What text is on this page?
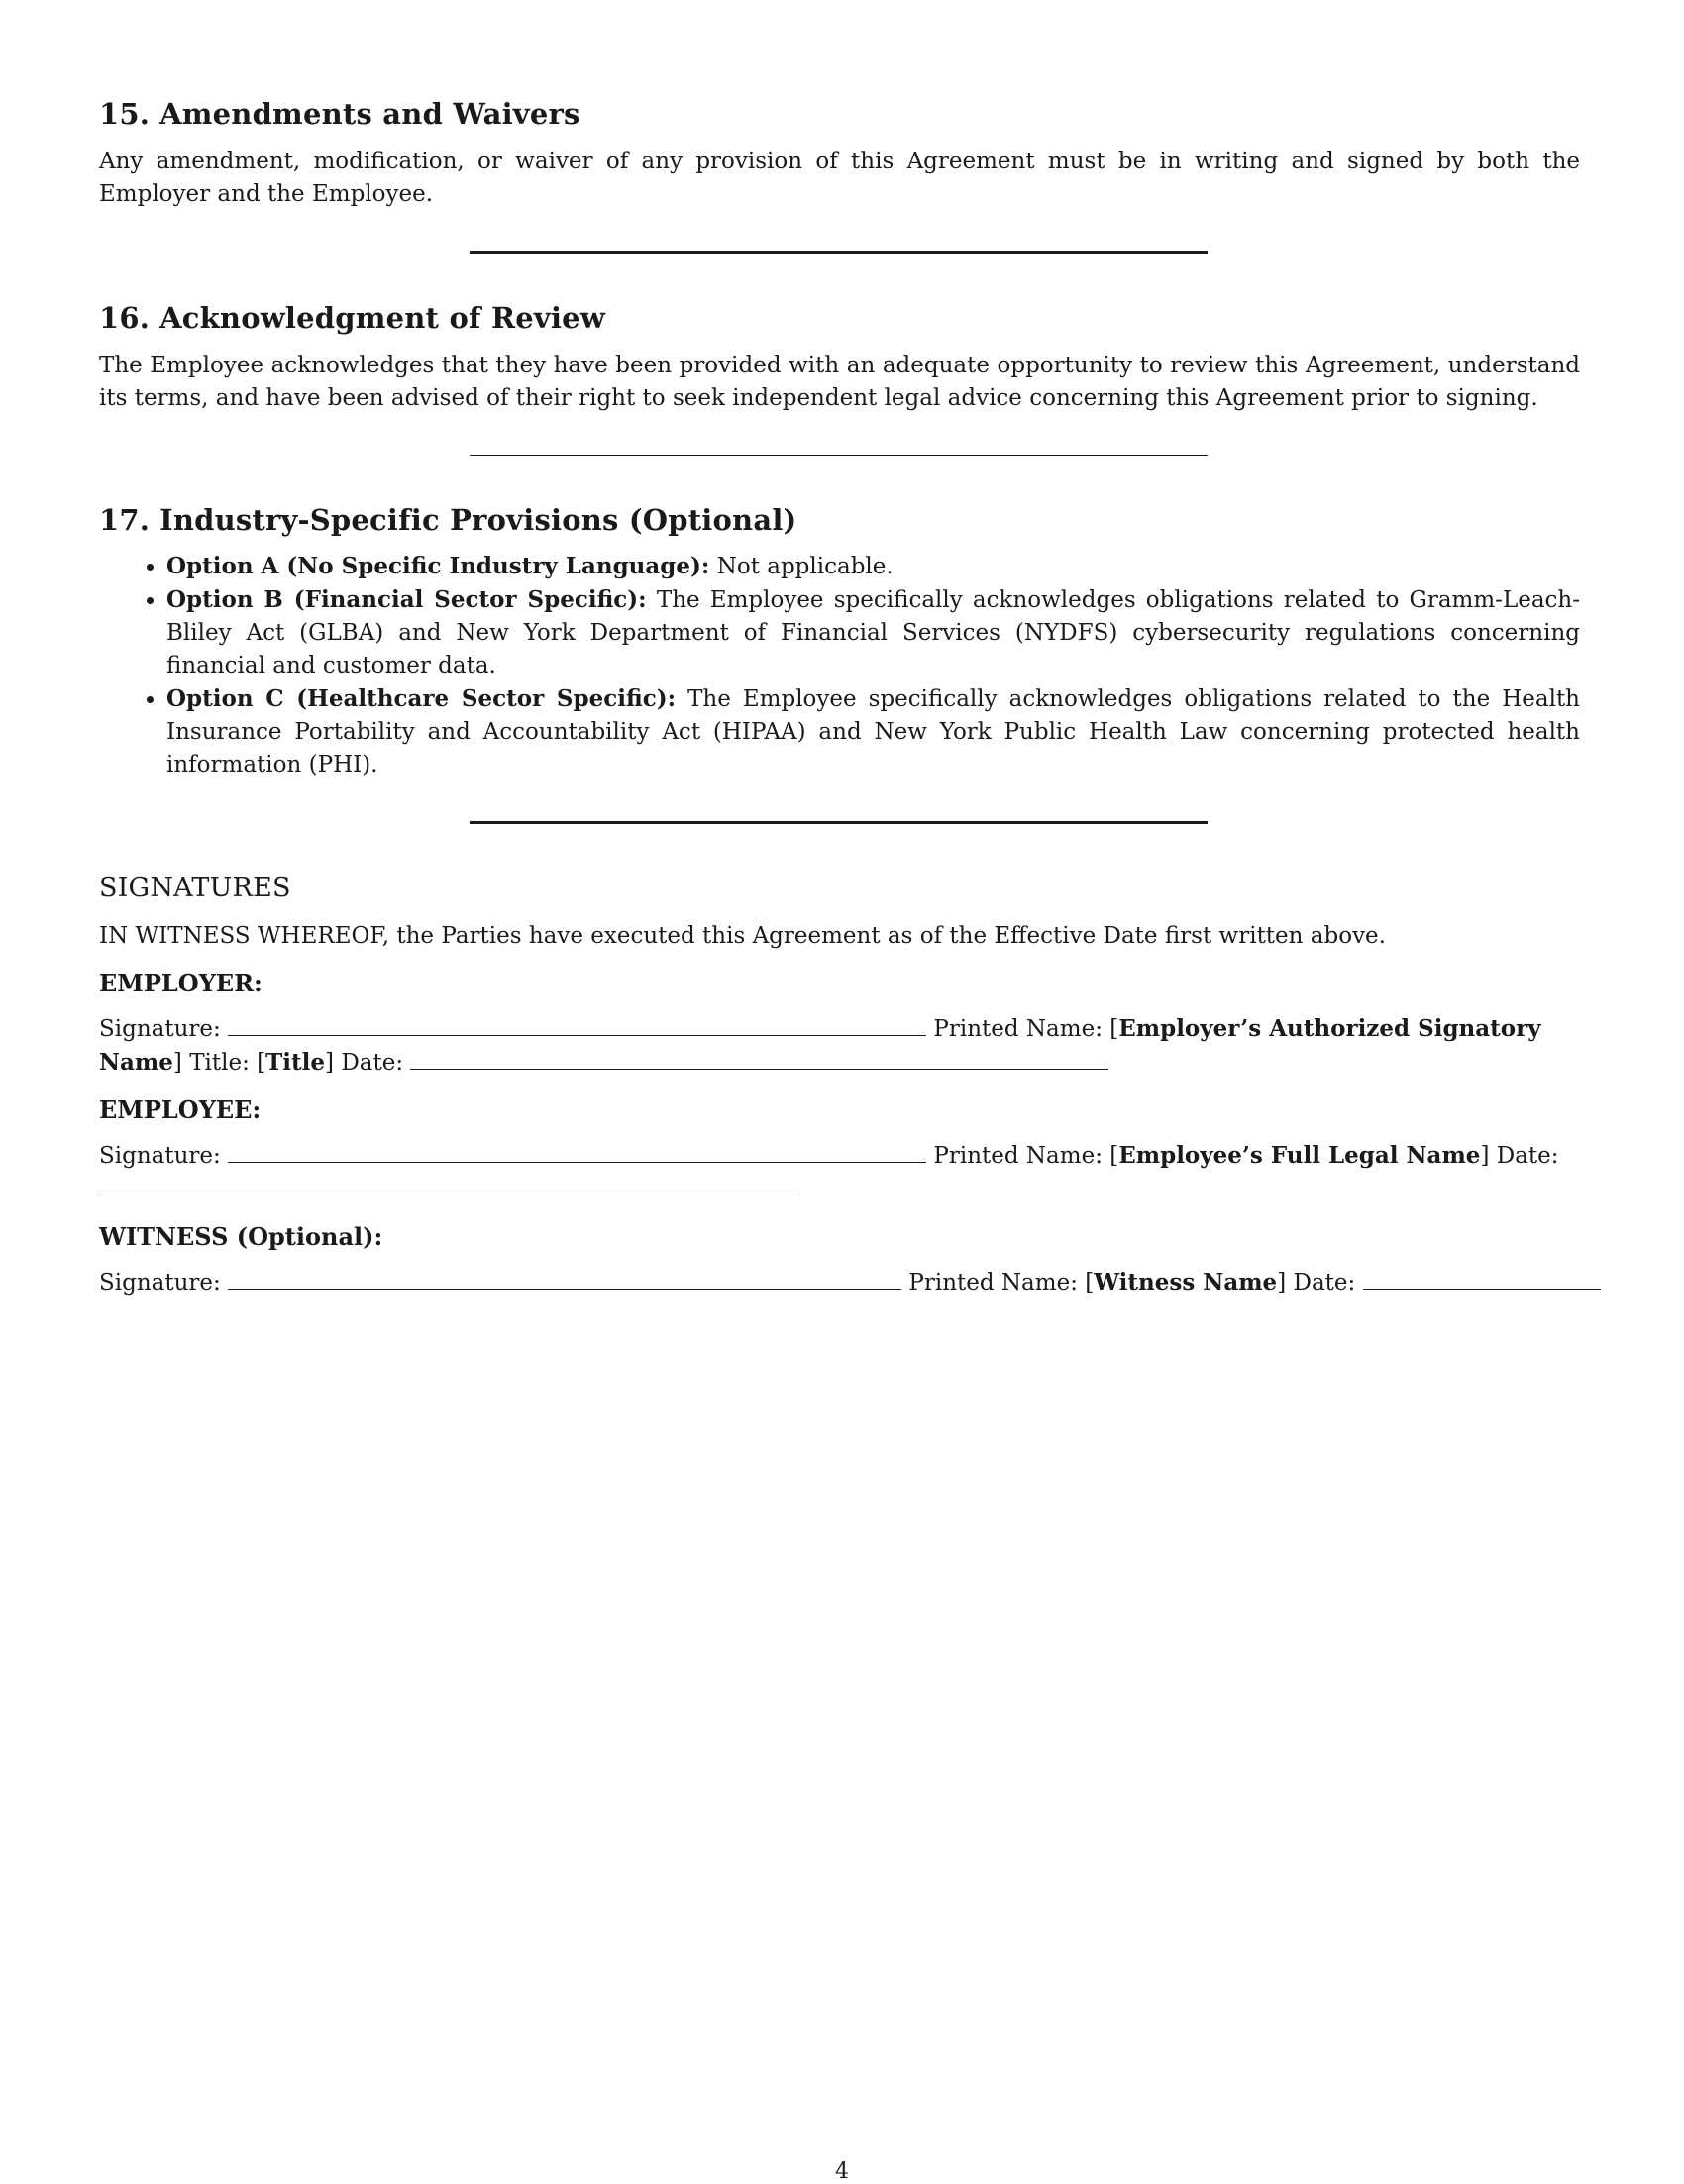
15. Amendments and Waivers

Any amendment, modification, or waiver of any provision of this Agreement must be in writing and signed by both the Employer and the Employee.

16. Acknowledgment of Review

The Employee acknowledges that they have been provided with an adequate opportunity to review this Agreement, understand its terms, and have been advised of their right to seek independent legal advice concerning this Agreement prior to signing.

17. Industry-Specific Provisions (Optional)
• Option A (No Specific Industry Language): Not applicable.
• Option B (Financial Sector Specific): The Employee specifically acknowledges obligations related to Gramm-Leach-Bliley Act (GLBA) and New York Department of Financial Services (NYDFS) cybersecurity regulations concerning financial and customer data.
• Option C (Healthcare Sector Specific): The Employee specifically acknowledges obligations related to the Health Insurance Portability and Accountability Act (HIPAA) and New York Public Health Law concerning protected health information (PHI).
SIGNATURES

IN WITNESS WHEREOF, the Parties have executed this Agreement as of the Effective Date first written above.

EMPLOYER:
Signature:	Printed Name: [Employer’s Authorized Signatory Name] Title: [Title] Date:
EMPLOYEE:
Signature:	Printed Name: [Employee’s Full Legal Name] Date:
WITNESS (Optional):
Signature:	Printed Name: [Witness Name] Date:
4
